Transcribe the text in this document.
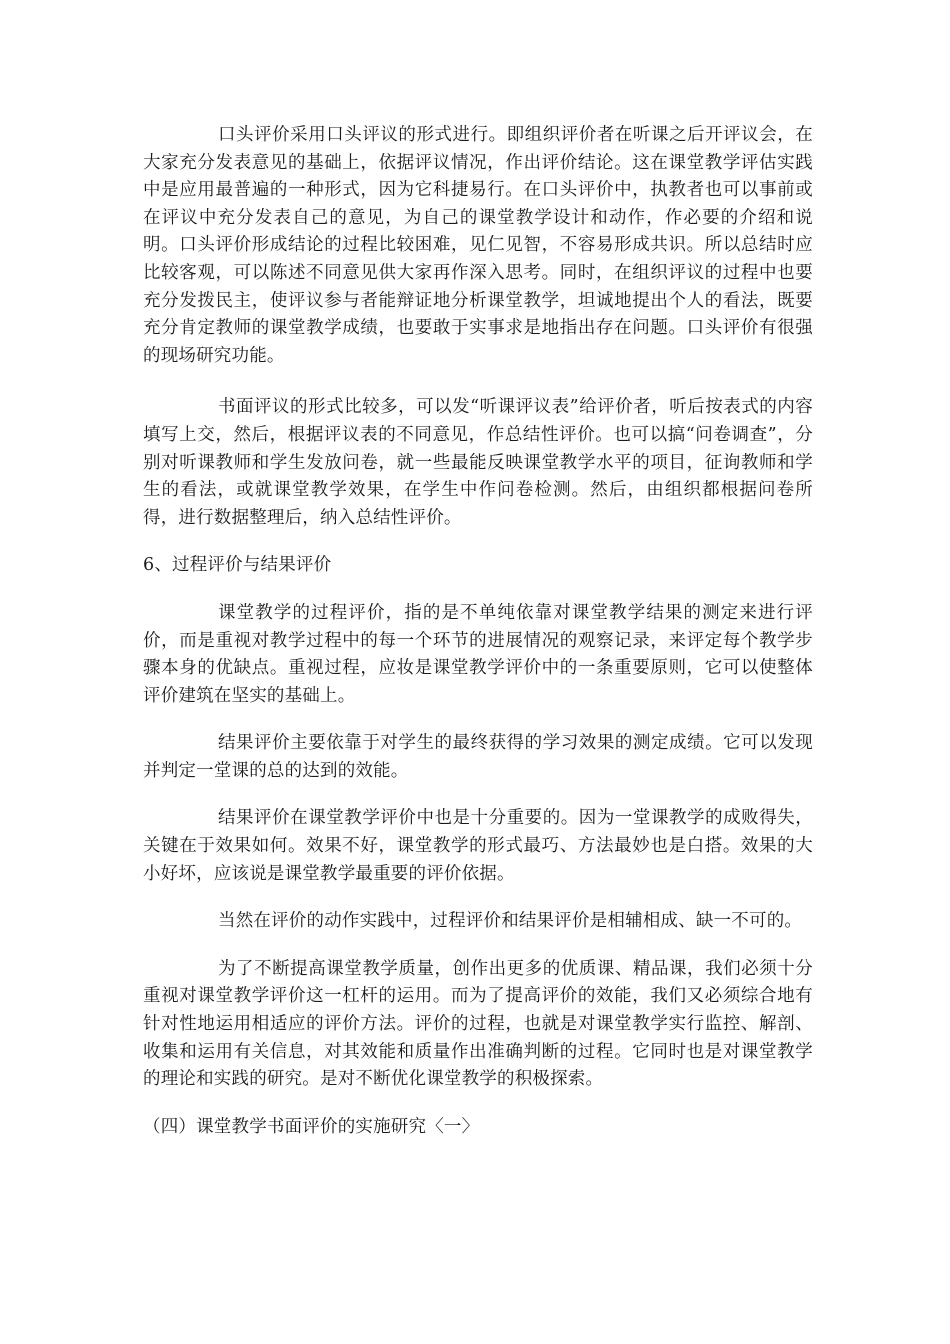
口头评价采用口头评议的形式进行。即组织评价者在听课之后开评议会，在大家充分发表意见的基础上，依据评议情况，作出评价结论。这在课堂教学评估实践中是应用最普遍的一种形式，因为它科捷易行。在口头评价中，执教者也可以事前或在评议中充分发表自己的意见，为自己的课堂教学设计和动作，作必要的介绍和说明。口头评价形成结论的过程比较困难，见仁见智，不容易形成共识。所以总结时应比较客观，可以陈述不同意见供大家再作深入思考。同时，在组织评议的过程中也要充分发拨民主，使评议参与者能辩证地分析课堂教学，坦诚地提出个人的看法，既要充分肯定教师的课堂教学成绩，也要敢于实事求是地指出存在问题。口头评价有很强的现场研究功能。

书面评议的形式比较多，可以发“听课评议表”给评价者，听后按表式的内容填写上交，然后，根据评议表的不同意见，作总结性评价。也可以搞“问卷调查”，分别对听课教师和学生发放问卷，就一些最能反映课堂教学水平的项目，征询教师和学生的看法，或就课堂教学效果，在学生中作问卷检测。然后，由组织都根据问卷所得，进行数据整理后，纳入总结性评价。

6、过程评价与结果评价

课堂教学的过程评价，指的是不单纯依靠对课堂教学结果的测定来进行评价，而是重视对教学过程中的每一个环节的进展情况的观察记录，来评定每个教学步骤本身的优缺点。重视过程，应妆是课堂教学评价中的一条重要原则，它可以使整体评价建筑在坚实的基础上。

结果评价主要依靠于对学生的最终获得的学习效果的测定成绩。它可以发现并判定一堂课的总的达到的效能。

结果评价在课堂教学评价中也是十分重要的。因为一堂课教学的成败得失，关键在于效果如何。效果不好，课堂教学的形式最巧、方法最妙也是白搭。效果的大小好坏，应该说是课堂教学最重要的评价依据。

当然在评价的动作实践中，过程评价和结果评价是相辅相成、缺一不可的。

为了不断提高课堂教学质量，创作出更多的优质课、精品课，我们必须十分重视对课堂教学评价这一杠杆的运用。而为了提高评价的效能，我们又必须综合地有针对性地运用相适应的评价方法。评价的过程，也就是对课堂教学实行监控、解剖、收集和运用有关信息，对其效能和质量作出准确判断的过程。它同时也是对课堂教学的理论和实践的研究。是对不断优化课堂教学的积极探索。

（四）课堂教学书面评价的实施研究〈一〉
